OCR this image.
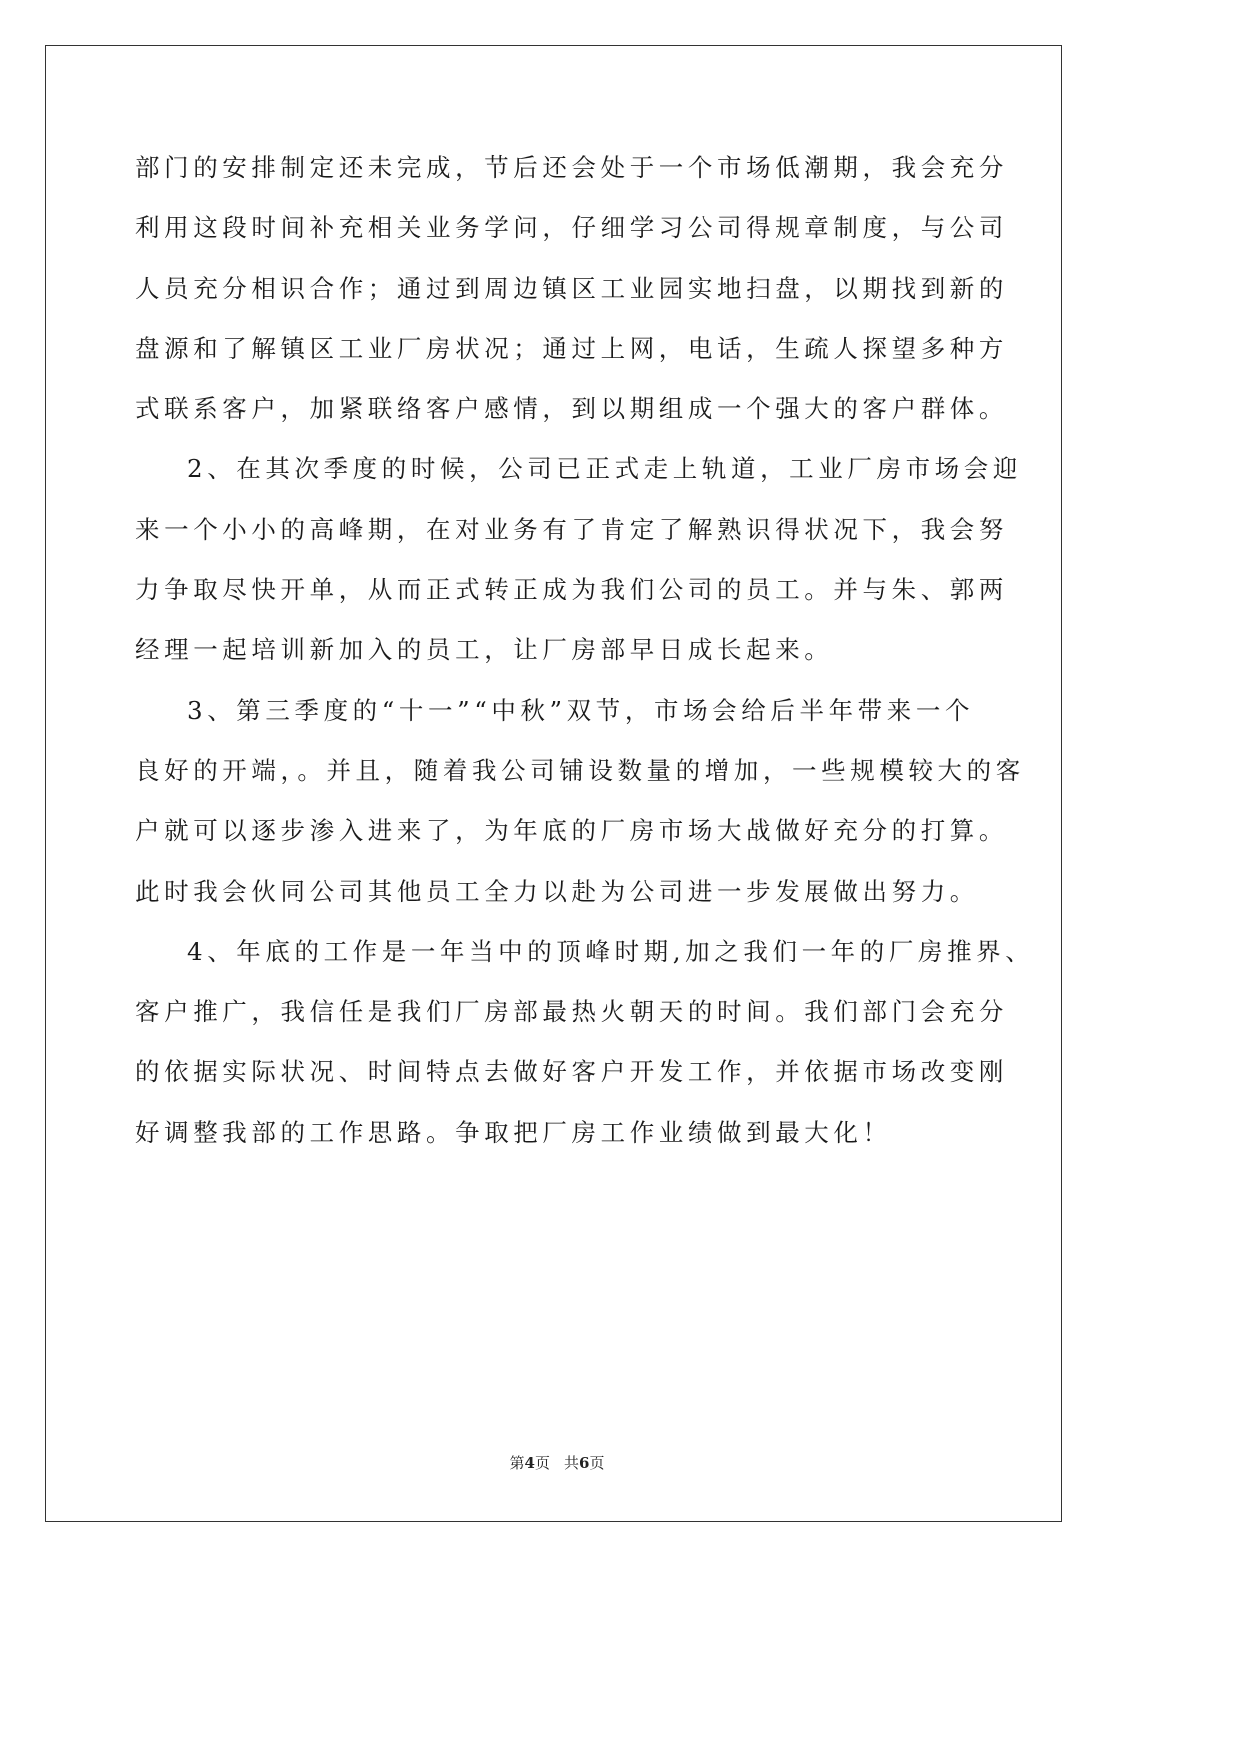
部门的安排制定还未完成，节后还会处于一个市场低潮期，我会充分
利用这段时间补充相关业务学问，仔细学习公司得规章制度，与公司
人员充分相识合作；通过到周边镇区工业园实地扫盘，以期找到新的
盘源和了解镇区工业厂房状况；通过上网，电话，生疏人探望多种方
式联系客户，加紧联络客户感情，到以期组成一个强大的客户群体。
2、在其次季度的时候，公司已正式走上轨道，工业厂房市场会迎
来一个小小的高峰期，在对业务有了肯定了解熟识得状况下，我会努
力争取尽快开单，从而正式转正成为我们公司的员工。并与朱、郭两
经理一起培训新加入的员工，让厂房部早日成长起来。
3、第三季度的“十一”“中秋”双节，市场会给后半年带来一个
良好的开端，。并且，随着我公司铺设数量的增加，一些规模较大的客
户就可以逐步渗入进来了，为年底的厂房市场大战做好充分的打算。
此时我会伙同公司其他员工全力以赴为公司进一步发展做出努力。
4、年底的工作是一年当中的顶峰时期,加之我们一年的厂房推界、
客户推广，我信任是我们厂房部最热火朝天的时间。我们部门会充分
的依据实际状况、时间特点去做好客户开发工作，并依据市场改变刚
好调整我部的工作思路。争取把厂房工作业绩做到最大化！
第4页 共6页
